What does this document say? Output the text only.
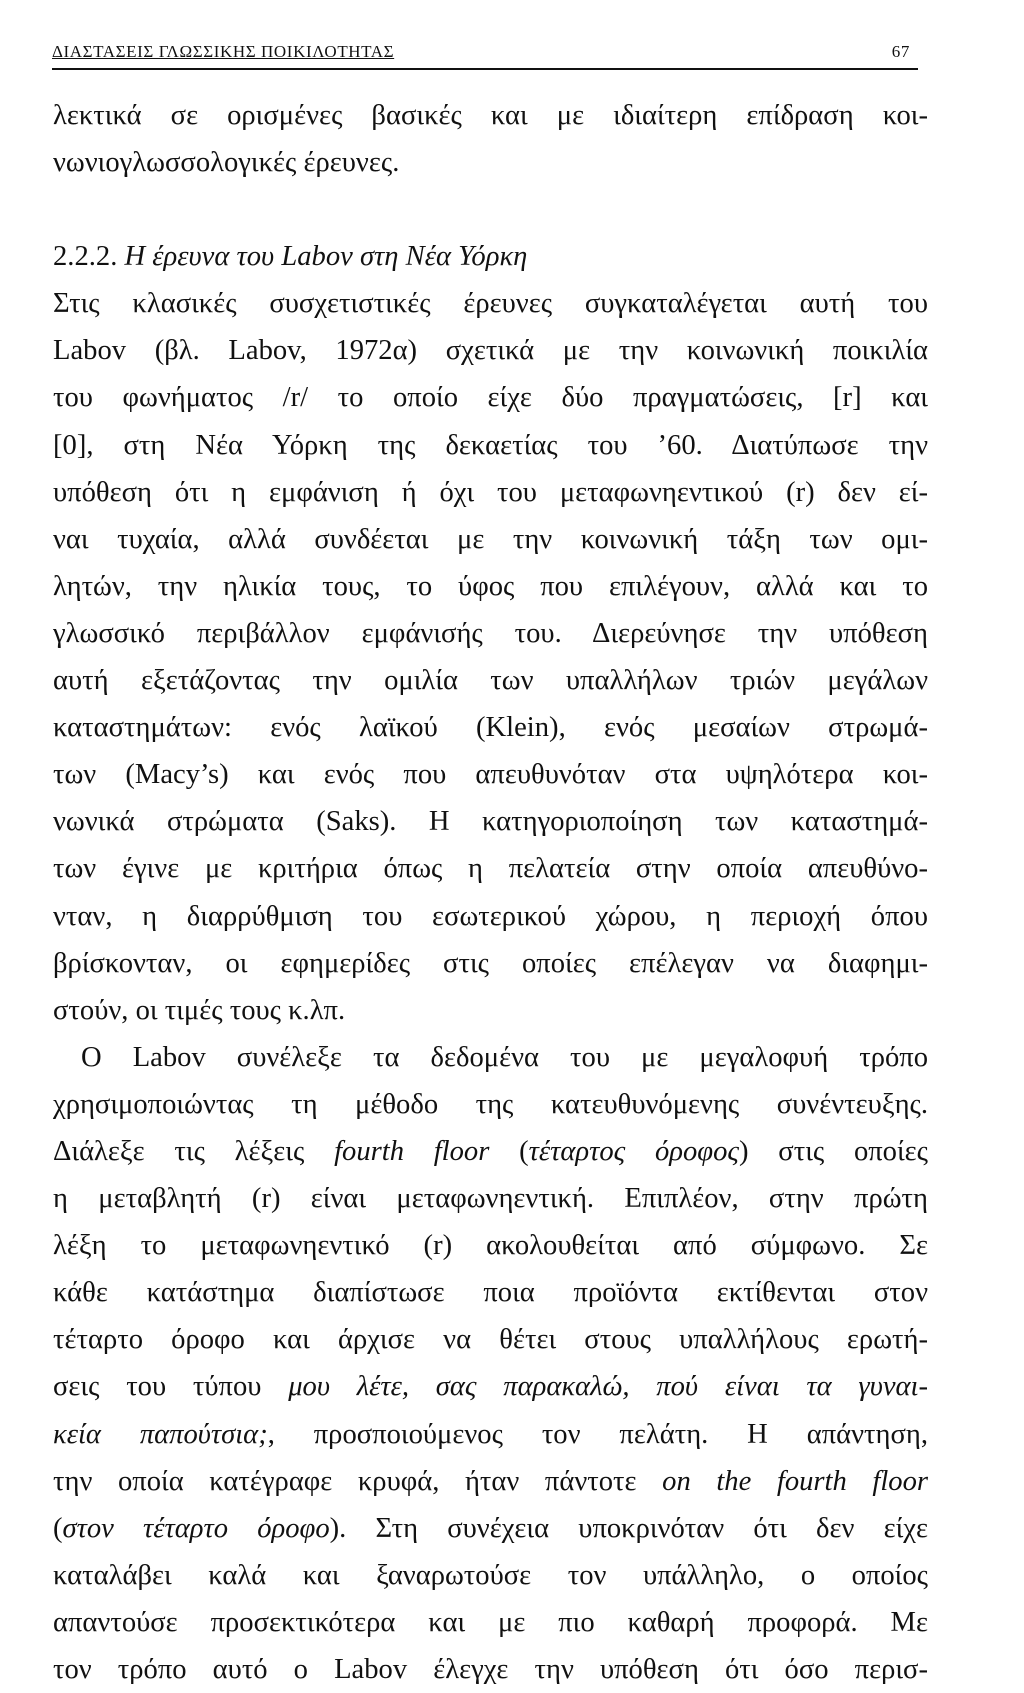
ΔΙΑΣΤΑΣΕΙΣ ΓΛΩΣΣΙΚΗΣ ΠΟΙΚΙΛΟΤΗΤΑΣ	67
λεκτικά σε ορισμένες βασικές και με ιδιαίτερη επίδραση κοι-
νωνιογλωσσολογικές έρευνες.
2.2.2. Η έρευνα του Labov στη Νέα Υόρκη
Στις κλασικές συσχετιστικές έρευνες συγκαταλέγεται αυτή του
Labov (βλ. Labov, 1972α) σχετικά με την κοινωνική ποικιλία
του φωνήματος /r/ το οποίο είχε δύο πραγματώσεις, [r] και
[0], στη Νέα Υόρκη της δεκαετίας του ’60. Διατύπωσε την
υπόθεση ότι η εμφάνιση ή όχι του μεταφωνηεντικού (r) δεν εί-
ναι τυχαία, αλλά συνδέεται με την κοινωνική τάξη των ομι-
λητών, την ηλικία τους, το ύφος που επιλέγουν, αλλά και το
γλωσσικό περιβάλλον εμφάνισής του. Διερεύνησε την υπόθεση
αυτή εξετάζοντας την ομιλία των υπαλλήλων τριών μεγάλων
καταστημάτων: ενός λαϊκού (Klein), ενός μεσαίων στρωμά-
των (Macy’s) και ενός που απευθυνόταν στα υψηλότερα κοι-
νωνικά στρώματα (Saks). Η κατηγοριοποίηση των καταστημά-
των έγινε με κριτήρια όπως η πελατεία στην οποία απευθύνο-
νταν, η διαρρύθμιση του εσωτερικού χώρου, η περιοχή όπου
βρίσκονταν, οι εφημερίδες στις οποίες επέλεγαν να διαφημι-
στούν, οι τιμές τους κ.λπ.
Ο Labov συνέλεξε τα δεδομένα του με μεγαλοφυή τρόπο
χρησιμοποιώντας τη μέθοδο της κατευθυνόμενης συνέντευξης.
Διάλεξε τις λέξεις fourth floor (τέταρτος όροφος) στις οποίες
η μεταβλητή (r) είναι μεταφωνηεντική. Επιπλέον, στην πρώτη
λέξη το μεταφωνηεντικό (r) ακολουθείται από σύμφωνο. Σε
κάθε κατάστημα διαπίστωσε ποια προϊόντα εκτίθενται στον
τέταρτο όροφο και άρχισε να θέτει στους υπαλλήλους ερωτή-
σεις του τύπου μου λέτε, σας παρακαλώ, πού είναι τα γυναι-
κεία παπούτσια;, προσποιούμενος τον πελάτη. Η απάντηση,
την οποία κατέγραφε κρυφά, ήταν πάντοτε on the fourth floor
(στον τέταρτο όροφο). Στη συνέχεια υποκρινόταν ότι δεν είχε
καταλάβει καλά και ξαναρωτούσε τον υπάλληλο, ο οποίος
απαντούσε προσεκτικότερα και με πιο καθαρή προφορά. Με
τον τρόπο αυτό ο Labov έλεγχε την υπόθεση ότι όσο περισ-
